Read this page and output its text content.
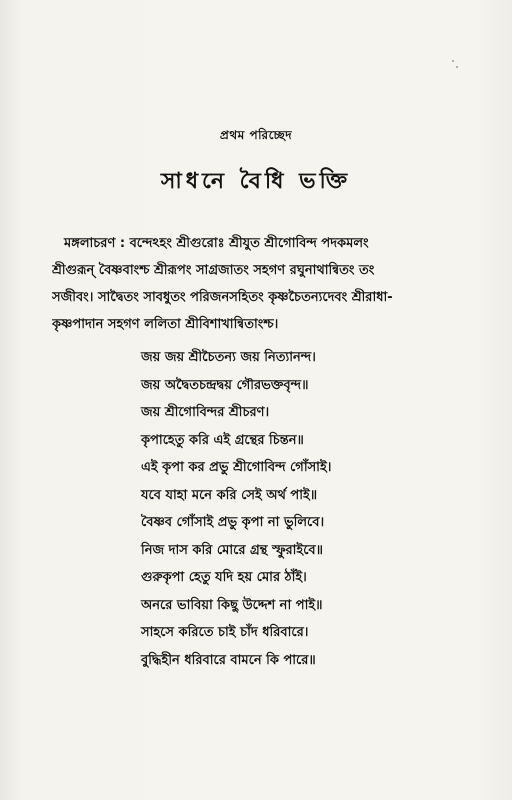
প্রথম পরিচ্ছেদ
সাধনে বৈধি ভক্তি
মঙ্গলাচরণ : বন্দেঽহং শ্রীগুরোঃ শ্রীযুত শ্রীগোবিন্দ পদকমলং
শ্রীগুরূন্ বৈষ্ণবাংশ্চ শ্রীরূপং সাগ্রজাতং সহগণ রঘুনাথান্বিতং তং
সজীবং। সাদ্বৈতং সাবধুতং পরিজনসহিতং কৃষ্ণচৈতন্যদেবং শ্রীরাধা-
কৃষ্ণপাদান সহগণ ললিতা শ্রীবিশাখান্বিতাংশ্চ।
জয় জয় শ্রীচৈতন্য জয় নিত্যানন্দ।
জয় অদ্বৈতচন্দ্রদ্বয় গৌরভক্তবৃন্দ॥
জয় শ্রীগোবিন্দর শ্রীচরণ।
কৃপাহেতু করি এই গ্রন্থের চিন্তন॥
এই কৃপা কর প্রভু শ্রীগোবিন্দ গোঁসাই।
যবে যাহা মনে করি সেই অর্থ পাই॥
বৈষ্ণব গোঁসাই প্রভু কৃপা না ভুলিবে।
নিজ দাস করি মোরে গ্রন্থ স্ফুরাইবে॥
গুরুকৃপা হেতু যদি হয় মোর ঠাঁই।
অনরে ভাবিয়া কিছু উদ্দেশ না পাই॥
সাহসে করিতে চাই চাঁদ ধরিবারে।
বুদ্ধিহীন ধরিবারে বামনে কি পারে॥
